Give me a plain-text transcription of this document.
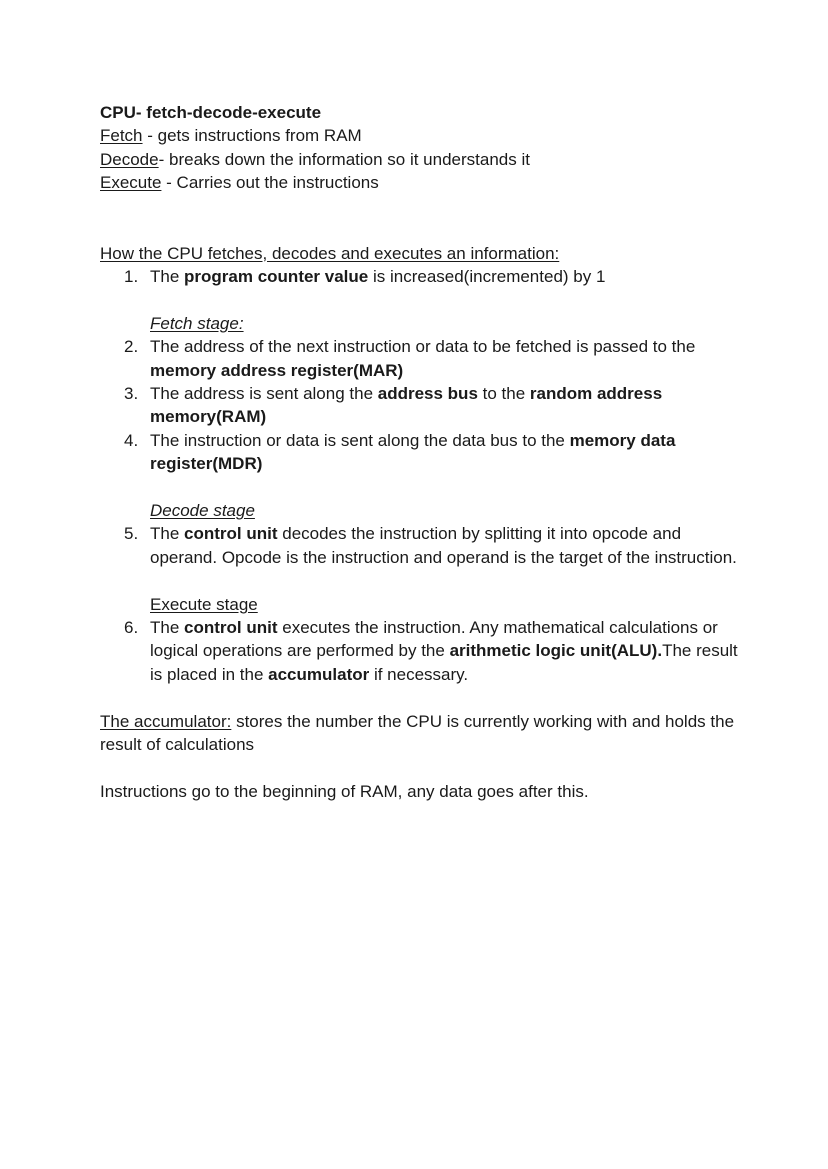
CPU- fetch-decode-execute

Fetch - gets instructions from RAM

Decode- breaks down the information so it understands it

Execute - Carries out the instructions

How the CPU fetches, decodes and executes an information:

1. The program counter value is increased(incremented) by 1
Fetch stage:
2. The address of the next instruction or data to be fetched is passed to the memory address register(MAR)
3. The address is sent along the address bus to the random address memory(RAM)
4. The instruction or data is sent along the data bus to the memory data register(MDR)
Decode stage
5. The control unit decodes the instruction by splitting it into opcode and operand. Opcode is the instruction and operand is the target of the instruction.
Execute stage
6. The control unit executes the instruction. Any mathematical calculations or logical operations are performed by the arithmetic logic unit(ALU).The result is placed in the accumulator if necessary.

The accumulator: stores the number the CPU is currently working with and holds the result of calculations

Instructions go to the beginning of RAM, any data goes after this.
